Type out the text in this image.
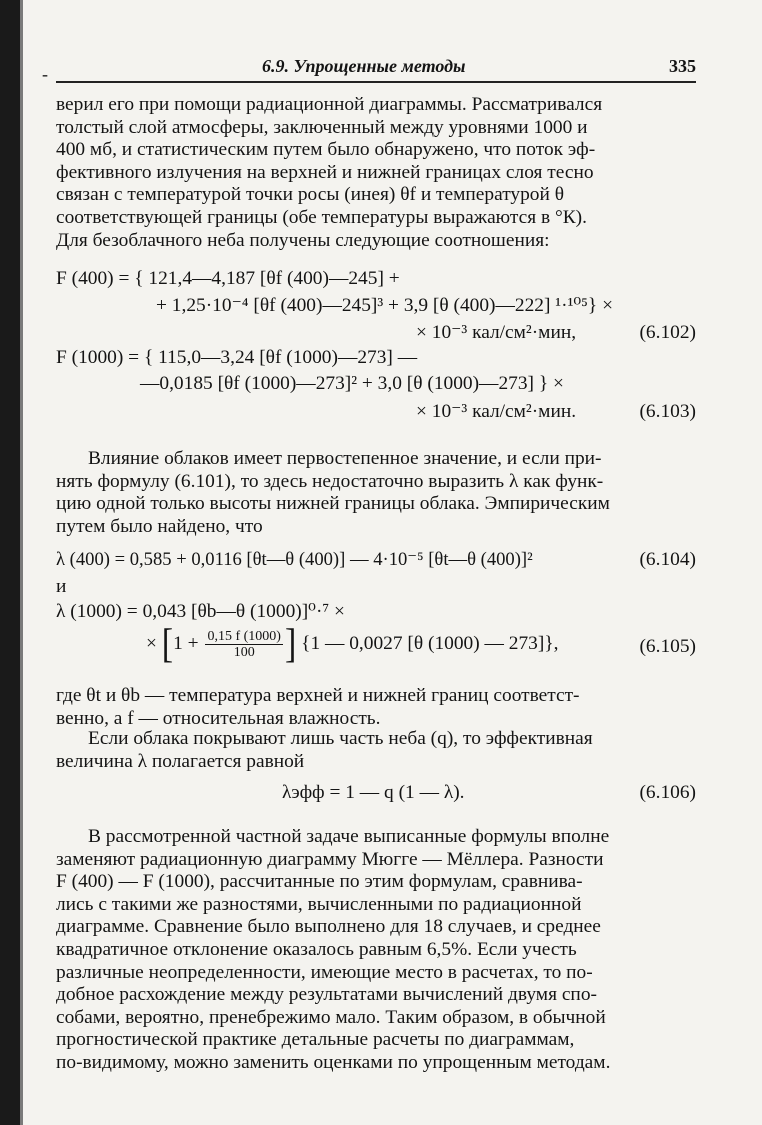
-	6.9. Упрощенные методы	335
верил его при помощи радиационной диаграммы. Рассматривался
толстый слой атмосферы, заключенный между уровнями 1000 и
400 мб, и статистическим путем было обнаружено, что поток эф-
фективного излучения на верхней и нижней границах слоя тесно
связан с температурой точки росы (инея) θf и температурой θ
соответствующей границы (обе температуры выражаются в °К).
Для безоблачного неба получены следующие соотношения:
F (400) = { 121,4—4,187 [θf (400)—245] +
+ 1,25·10⁻⁴ [θf (400)—245]³ + 3,9 [θ (400)—222] ¹·¹⁰⁵} ×
× 10⁻³ кал/см²·мин,	(6.102)
F (1000) = { 115,0—3,24 [θf (1000)—273] —
—0,0185 [θf (1000)—273]² + 3,0 [θ (1000)—273] } ×
× 10⁻³ кал/см²·мин.	(6.103)
Влияние облаков имеет первостепенное значение, и если при-
нять формулу (6.101), то здесь недостаточно выразить λ как функ-
цию одной только высоты нижней границы облака. Эмпирическим
путем было найдено, что
λ (400) = 0,585 + 0,0116 [θt—θ (400)] — 4·10⁻⁵ [θt—θ (400)]²	(6.104)
и
λ (1000) = 0,043 [θb—θ (1000)]⁰·⁷ ×
× [$1 + \frac{0,15 f (1000)}{100}$ ] {1 — 0,0027 [θ (1000) — 273]},	(6.105)
где θt и θb — температура верхней и нижней границ соответст-
венно, а f — относительная влажность.
Если облака покрывают лишь часть неба (q), то эффективная
величина λ полагается равной
λэфф = 1 — q (1 — λ).	(6.106)
В рассмотренной частной задаче выписанные формулы вполне
заменяют радиационную диаграмму Мюгге — Мёллера. Разности
F (400) — F (1000), рассчитанные по этим формулам, сравнива-
лись с такими же разностями, вычисленными по радиационной
диаграмме. Сравнение было выполнено для 18 случаев, и среднее
квадратичное отклонение оказалось равным 6,5%. Если учесть
различные неопределенности, имеющие место в расчетах, то по-
добное расхождение между результатами вычислений двумя спо-
собами, вероятно, пренебрежимо мало. Таким образом, в обычной
прогностической практике детальные расчеты по диаграммам,
по-видимому, можно заменить оценками по упрощенным методам.
